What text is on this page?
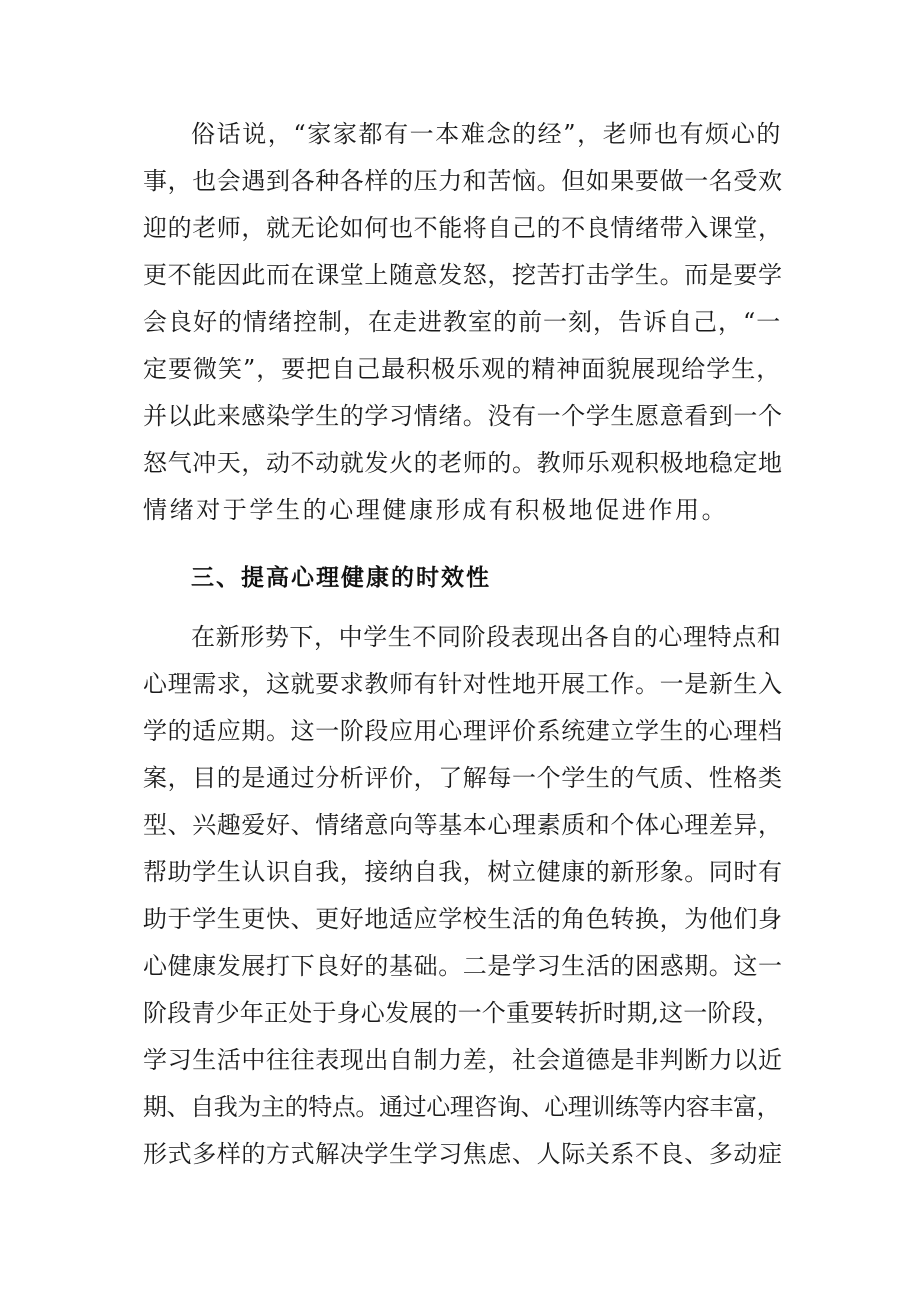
俗话说，“家家都有一本难念的经”，老师也有烦心的
事，也会遇到各种各样的压力和苦恼。但如果要做一名受欢
迎的老师，就无论如何也不能将自己的不良情绪带入课堂，
更不能因此而在课堂上随意发怒，挖苦打击学生。而是要学
会良好的情绪控制，在走进教室的前一刻，告诉自己，“一
定要微笑”，要把自己最积极乐观的精神面貌展现给学生，
并以此来感染学生的学习情绪。没有一个学生愿意看到一个
怒气冲天，动不动就发火的老师的。教师乐观积极地稳定地
情绪对于学生的心理健康形成有积极地促进作用。
三、提高心理健康的时效性
在新形势下，中学生不同阶段表现出各自的心理特点和
心理需求，这就要求教师有针对性地开展工作。一是新生入
学的适应期。这一阶段应用心理评价系统建立学生的心理档
案，目的是通过分析评价，了解每一个学生的气质、性格类
型、兴趣爱好、情绪意向等基本心理素质和个体心理差异，
帮助学生认识自我，接纳自我，树立健康的新形象。同时有
助于学生更快、更好地适应学校生活的角色转换，为他们身
心健康发展打下良好的基础。二是学习生活的困惑期。这一
阶段青少年正处于身心发展的一个重要转折时期,这一阶段，
学习生活中往往表现出自制力差，社会道德是非判断力以近
期、自我为主的特点。通过心理咨询、心理训练等内容丰富，
形式多样的方式解决学生学习焦虑、人际关系不良、多动症
